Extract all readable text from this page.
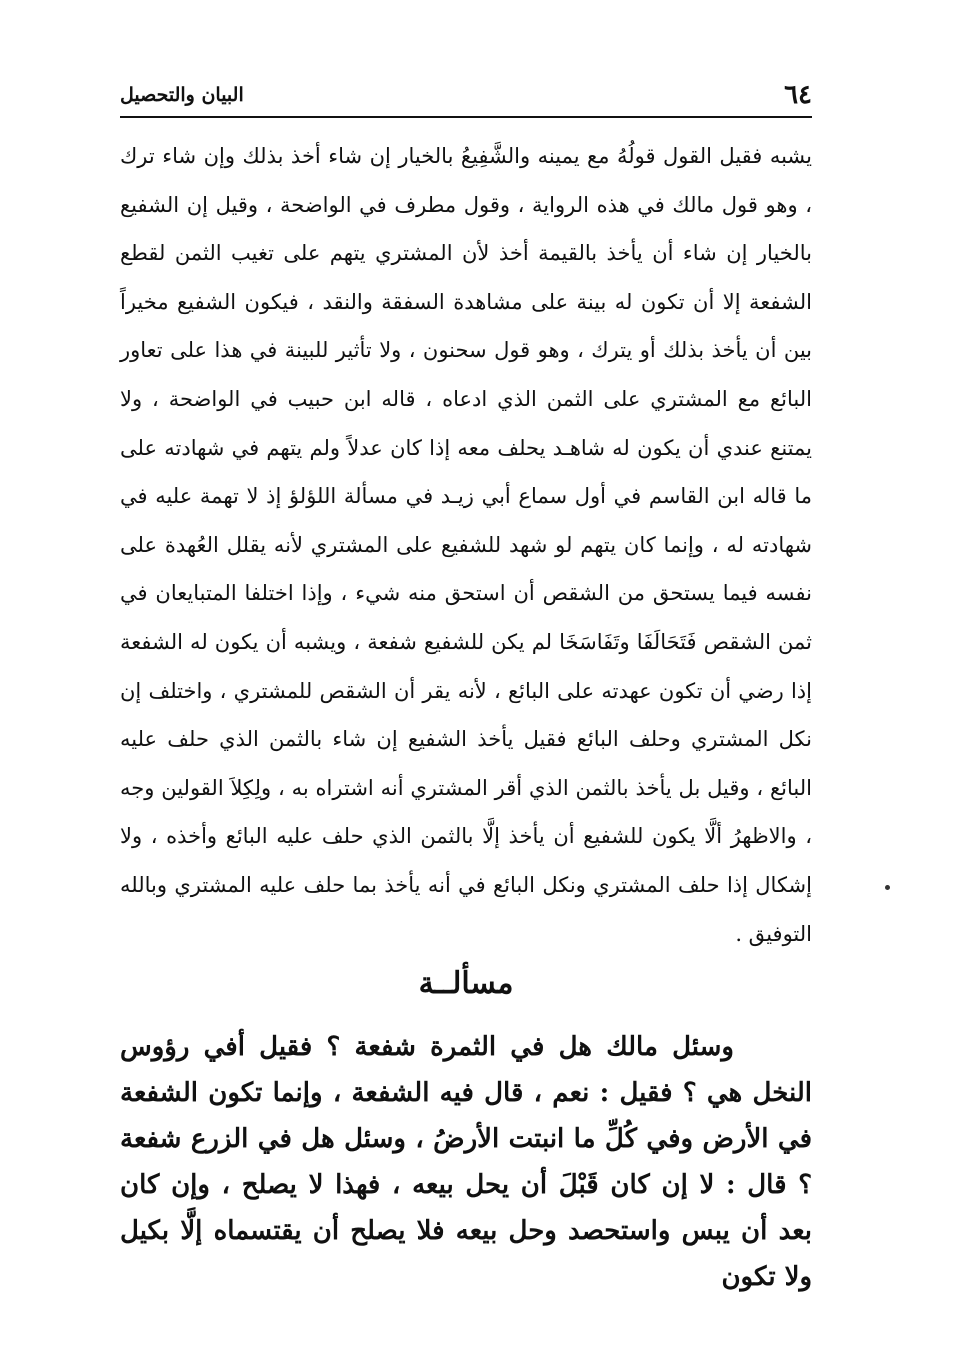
٦٤
البيان والتحصيل

يشبه فقيل القول قولُهُ مع يمينه والشَّفِيعُ بالخيار إن شاء أخذ بذلك وإن شاء ترك ، وهو قول مالك في هذه الرواية ، وقول مطرف في الواضحة ، وقيل إن الشفيع بالخيار إن شاء أن يأخذ بالقيمة أخذ لأن المشتري يتهم على تغيب الثمن لقطع الشفعة إلا أن تكون له بينة على مشاهدة السفقة والنقد ، فيكون الشفيع مخيراً بين أن يأخذ بذلك أو يترك ، وهو قول سحنون ، ولا تأثير للبينة في هذا على تعاور البائع مع المشتري على الثمن الذي ادعاه ، قاله ابن حبيب في الواضحة ، ولا يمتنع عندي أن يكون له شاهـد يحلف معه إذا كان عدلاً ولم يتهم في شهادته على ما قاله ابن القاسم في أول سماع أبي زيـد في مسألة اللؤلؤ إذ لا تهمة عليه في شهادته له ، وإنما كان يتهم لو شهد للشفيع على المشتري لأنه يقلل العُهدة على نفسه فيما يستحق من الشقص أن استحق منه شيء ، وإذا اختلفا المتبايعان في ثمن الشقص فَتَحَالَفَا وتَفَاسَخَا لم يكن للشفيع شفعة ، ويشبه أن يكون له الشفعة إذا رضي أن تكون عهدته على البائع ، لأنه يقر أن الشقص للمشتري ، واختلف إن نكل المشتري وحلف البائع فقيل يأخذ الشفيع إن شاء بالثمن الذي حلف عليه البائع ، وقيل بل يأخذ بالثمن الذي أقر المشتري أنه اشتراه به ، ولِكِلاَ القولين وجه ، والاظهرُ ألَّا يكون للشفيع أن يأخذ إلَّا بالثمن الذي حلف عليه البائع وأخذه ، ولا إشكال إذا حلف المشتري ونكل البائع في أنه يأخذ بما حلف عليه المشتري وبالله التوفيق .

مسألــة

وسئل مالك هل في الثمرة شفعة ؟ فقيل أفي رؤوس النخل هي ؟ فقيل : نعم ، قال فيه الشفعة ، وإنما تكون الشفعة في الأرض وفي كُلِّ ما انبتت الأرضُ ، وسئل هل في الزرع شفعة ؟ قال : لا إن كان قَبْلَ أن يحل بيعه ، فهذا لا يصلح ، وإن كان بعد أن يبس واستحصد وحل بيعه فلا يصلح أن يقتسماه إلَّا بكيل ولا تكون
